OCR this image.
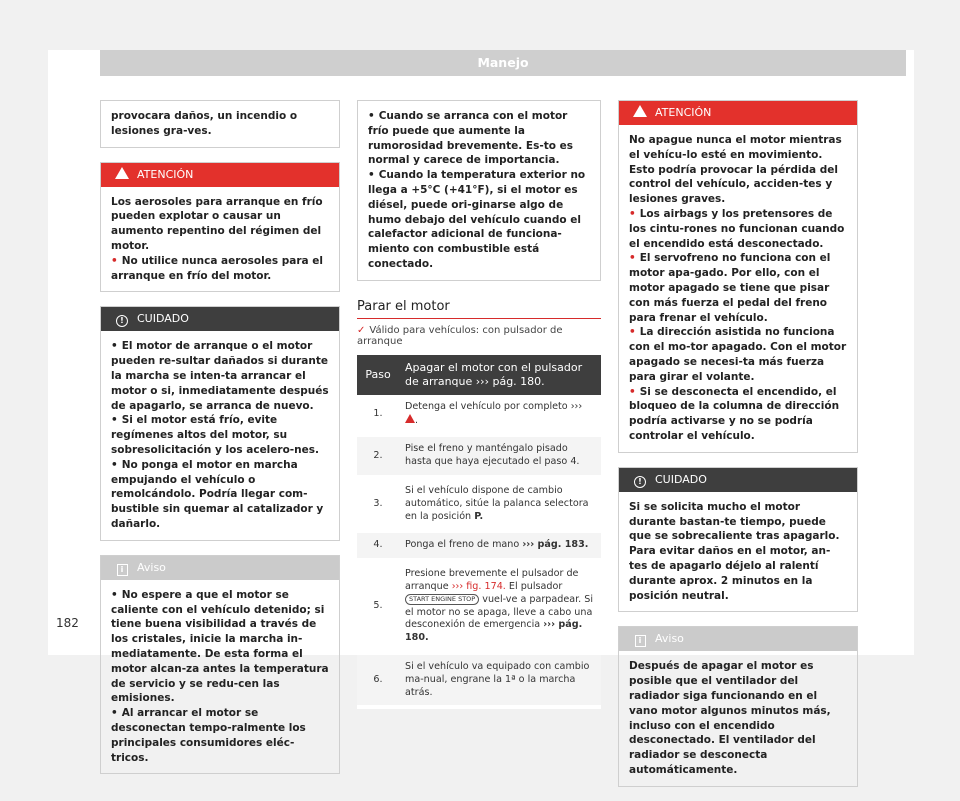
Manejo

provocara daños, un incendio o lesiones gra-ves.

ATENCIÓN

Los aerosoles para arranque en frío pueden explotar o causar un aumento repentino del régimen del motor.

• No utilice nunca aerosoles para el arranque en frío del motor.

! CUIDADO

• El motor de arranque o el motor pueden re-sultar dañados si durante la marcha se inten-ta arrancar el motor o si, inmediatamente después de apagarlo, se arranca de nuevo.

• Si el motor está frío, evite regímenes altos del motor, su sobresolicitación y los acelero-nes.

• No ponga el motor en marcha empujando el vehículo o remolcándolo. Podría llegar com-bustible sin quemar al catalizador y dañarlo.

i Aviso

• No espere a que el motor se caliente con el vehículo detenido; si tiene buena visibilidad a través de los cristales, inicie la marcha in-mediatamente. De esta forma el motor alcan-za antes la temperatura de servicio y se redu-cen las emisiones.

• Al arrancar el motor se desconectan tempo-ralmente los principales consumidores eléc-tricos.

• Cuando se arranca con el motor frío puede que aumente la rumorosidad brevemente. Es-to es normal y carece de importancia.

• Cuando la temperatura exterior no llega a +5°C (+41°F), si el motor es diésel, puede ori-ginarse algo de humo debajo del vehículo cuando el calefactor adicional de funciona-miento con combustible está conectado.

Parar el motor
✓ Válido para vehículos: con pulsador de arranque
Paso	Apagar el motor con el pulsador de arranque ››› pág. 180.
1.	Detenga el vehículo por completo ››› .
2.	Pise el freno y manténgalo pisado hasta que haya ejecutado el paso 4.
3.	Si el vehículo dispone de cambio automático, sitúe la palanca selectora en la posición P.
4.	Ponga el freno de mano ››› pág. 183.
5.	Presione brevemente el pulsador de arranque ››› fig. 174. El pulsador START ENGINE STOP vuel-ve a parpadear. Si el motor no se apaga, lleve a cabo una desconexión de emergencia ››› pág. 180.
6.	Si el vehículo va equipado con cambio ma-nual, engrane la 1ª o la marcha atrás.
ATENCIÓN

No apague nunca el motor mientras el vehícu-lo esté en movimiento. Esto podría provocar la pérdida del control del vehículo, acciden-tes y lesiones graves.

• Los airbags y los pretensores de los cintu-rones no funcionan cuando el encendido está desconectado.

• El servofreno no funciona con el motor apa-gado. Por ello, con el motor apagado se tiene que pisar con más fuerza el pedal del freno para frenar el vehículo.

• La dirección asistida no funciona con el mo-tor apagado. Con el motor apagado se necesi-ta más fuerza para girar el volante.

• Si se desconecta el encendido, el bloqueo de la columna de dirección podría activarse y no se podría controlar el vehículo.

! CUIDADO

Si se solicita mucho el motor durante bastan-te tiempo, puede que se sobrecaliente tras apagarlo. Para evitar daños en el motor, an-tes de apagarlo déjelo al ralentí durante aprox. 2 minutos en la posición neutral.

i Aviso

Después de apagar el motor es posible que el ventilador del radiador siga funcionando en el vano motor algunos minutos más, incluso con el encendido desconectado. El ventilador del radiador se desconecta automáticamente.

182
